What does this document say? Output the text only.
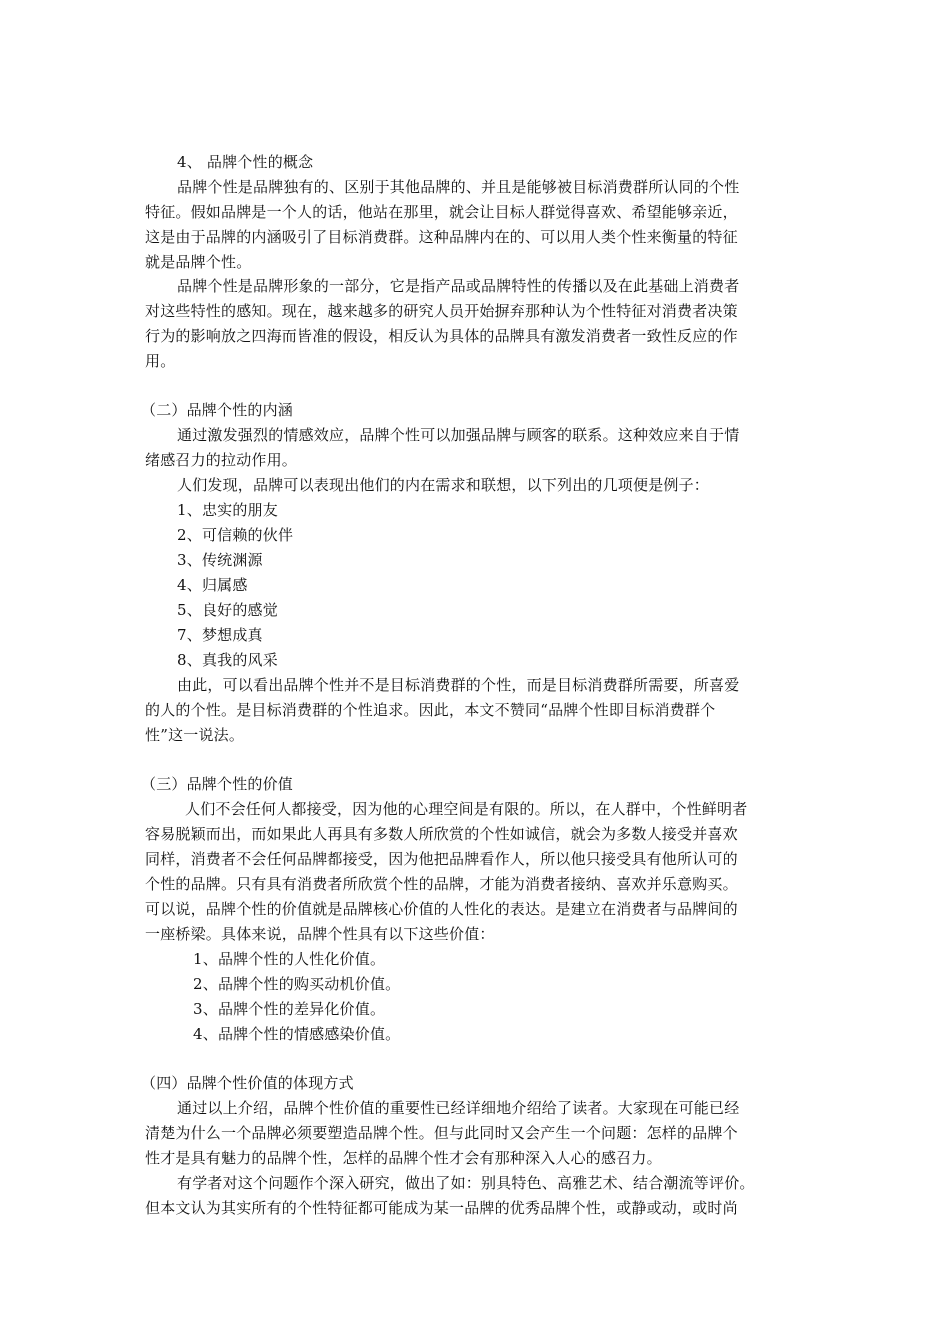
4、 品牌个性的概念
品牌个性是品牌独有的、区别于其他品牌的、并且是能够被目标消费群所认同的个性
特征。假如品牌是一个人的话，他站在那里，就会让目标人群觉得喜欢、希望能够亲近，
这是由于品牌的内涵吸引了目标消费群。这种品牌内在的、可以用人类个性来衡量的特征
就是品牌个性。
品牌个性是品牌形象的一部分，它是指产品或品牌特性的传播以及在此基础上消费者
对这些特性的感知。现在，越来越多的研究人员开始摒弃那种认为个性特征对消费者决策
行为的影响放之四海而皆准的假设，相反认为具体的品牌具有激发消费者一致性反应的作
用。
（二）品牌个性的内涵
通过激发强烈的情感效应，品牌个性可以加强品牌与顾客的联系。这种效应来自于情
绪感召力的拉动作用。
人们发现，品牌可以表现出他们的内在需求和联想，以下列出的几项便是例子：
1、忠实的朋友
2、可信赖的伙伴
3、传统渊源
4、归属感
5、良好的感觉
7、梦想成真
8、真我的风采
由此，可以看出品牌个性并不是目标消费群的个性，而是目标消费群所需要，所喜爱
的人的个性。是目标消费群的个性追求。因此，本文不赞同“品牌个性即目标消费群个
性”这一说法。
（三）品牌个性的价值
人们不会任何人都接受，因为他的心理空间是有限的。所以，在人群中，个性鲜明者
容易脱颖而出，而如果此人再具有多数人所欣赏的个性如诚信，就会为多数人接受并喜欢
同样，消费者不会任何品牌都接受，因为他把品牌看作人，所以他只接受具有他所认可的
个性的品牌。只有具有消费者所欣赏个性的品牌，才能为消费者接纳、喜欢并乐意购买。
可以说，品牌个性的价值就是品牌核心价值的人性化的表达。是建立在消费者与品牌间的
一座桥梁。具体来说，品牌个性具有以下这些价值：
1、品牌个性的人性化价值。
2、品牌个性的购买动机价值。
3、品牌个性的差异化价值。
4、品牌个性的情感感染价值。
（四）品牌个性价值的体现方式
通过以上介绍，品牌个性价值的重要性已经详细地介绍给了读者。大家现在可能已经
清楚为什么一个品牌必须要塑造品牌个性。但与此同时又会产生一个问题：怎样的品牌个
性才是具有魅力的品牌个性，怎样的品牌个性才会有那种深入人心的感召力。
有学者对这个问题作个深入研究，做出了如：别具特色、高雅艺术、结合潮流等评价。
但本文认为其实所有的个性特征都可能成为某一品牌的优秀品牌个性，或静或动，或时尚
